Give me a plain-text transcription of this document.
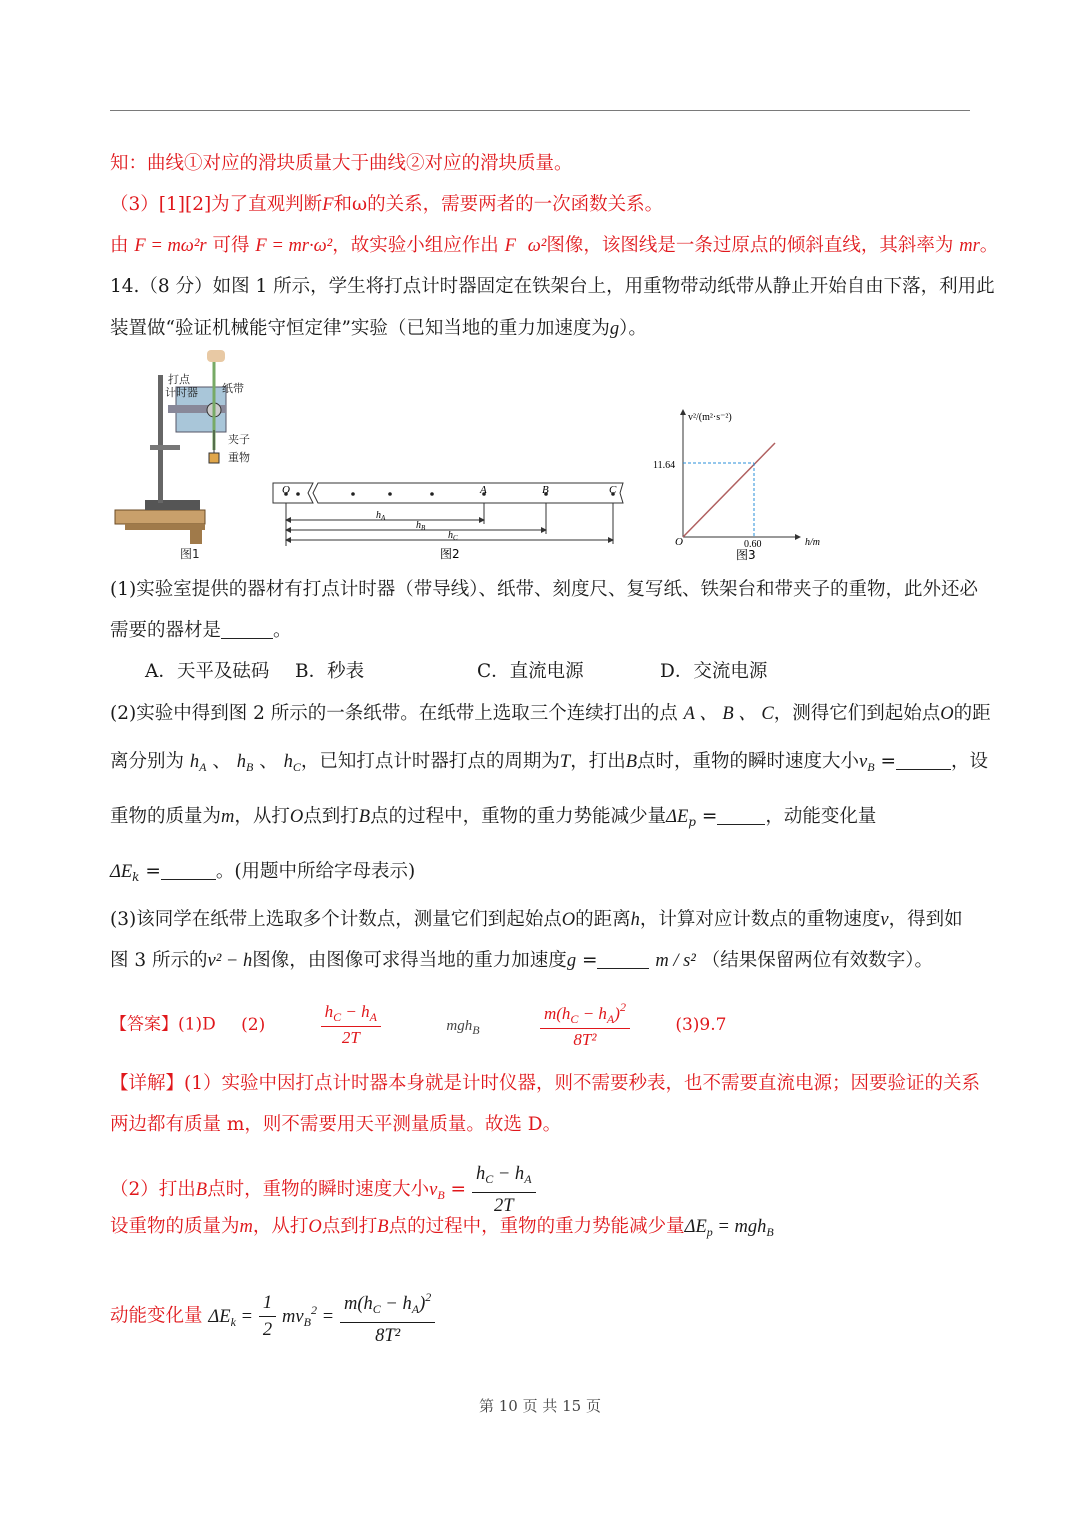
知：曲线①对应的滑块质量大于曲线②对应的滑块质量。
（3）[1][2]为了直观判断F和ω的关系，需要两者的一次函数关系。
由 F = mω²r 可得 F = mr·ω²，故实验小组应作出 F ω²图像，该图线是一条过原点的倾斜直线，其斜率为 mr。
14.（8 分）如图 1 所示，学生将打点计时器固定在铁架台上，用重物带动纸带从静止开始自由下落，利用此
装置做“验证机械能守恒定律”实验（已知当地的重力加速度为g）。
打点计时器 纸带
夹子
重物
图1
O	A	B	C
$h_A$
$h_B$
$h_C$
图2
v²/(m²·s⁻²)
h/m
11.64
0.60
O
图3
(1)实验室提供的器材有打点计时器（带导线）、纸带、刻度尺、复写纸、铁架台和带夹子的重物，此外还必
需要的器材是	。
A．天平及砝码 B．秒表	C．直流电源	D．交流电源
(2)实验中得到图 2 所示的一条纸带。在纸带上选取三个连续打出的点 A 、 B 、 C，测得它们到起始点O的距
离分别为 $h_A$ 、 $h_B$ 、 $h_C$，已知打点计时器打点的周期为T，打出B点时，重物的瞬时速度大小$v_B$ =	，设
重物的质量为m，从打O点到打B点的过程中，重物的重力势能减少量$\Delta E_p$ =	，动能变化量
$\Delta E_k$ =	。(用题中所给字母表示)
(3)该同学在纸带上选取多个计数点，测量它们到起始点O的距离h，计算对应计数点的重物速度v，得到如
图 3 所示的v² − h图像，由图像可求得当地的重力加速度g =	m / s² （结果保留两位有效数字）。
【答案】(1)D (2)	$\frac{h_C - h_A}{2T}$	mgh$_B$	$\frac{m(h_C - h_A)^2}{\text{8T²}}$	(3)9.7
【详解】(1）实验中因打点计时器本身就是计时仪器，则不需要秒表，也不需要直流电源；因要验证的关系
两边都有质量 m，则不需要用天平测量质量。故选 D。
（2）打出B点时，重物的瞬时速度大小$v_B = \frac{h_C - h_A}{2T}$
设重物的质量为m，从打O点到打B点的过程中，重物的重力势能减少量$\Delta E_p = mgh_B$
动能变化量 $\Delta E_k = \frac{1}{2} mv_B^2 = \frac{m(h_C - h_A)^2}{\text{8T²}}$
第 10 页 共 15 页
